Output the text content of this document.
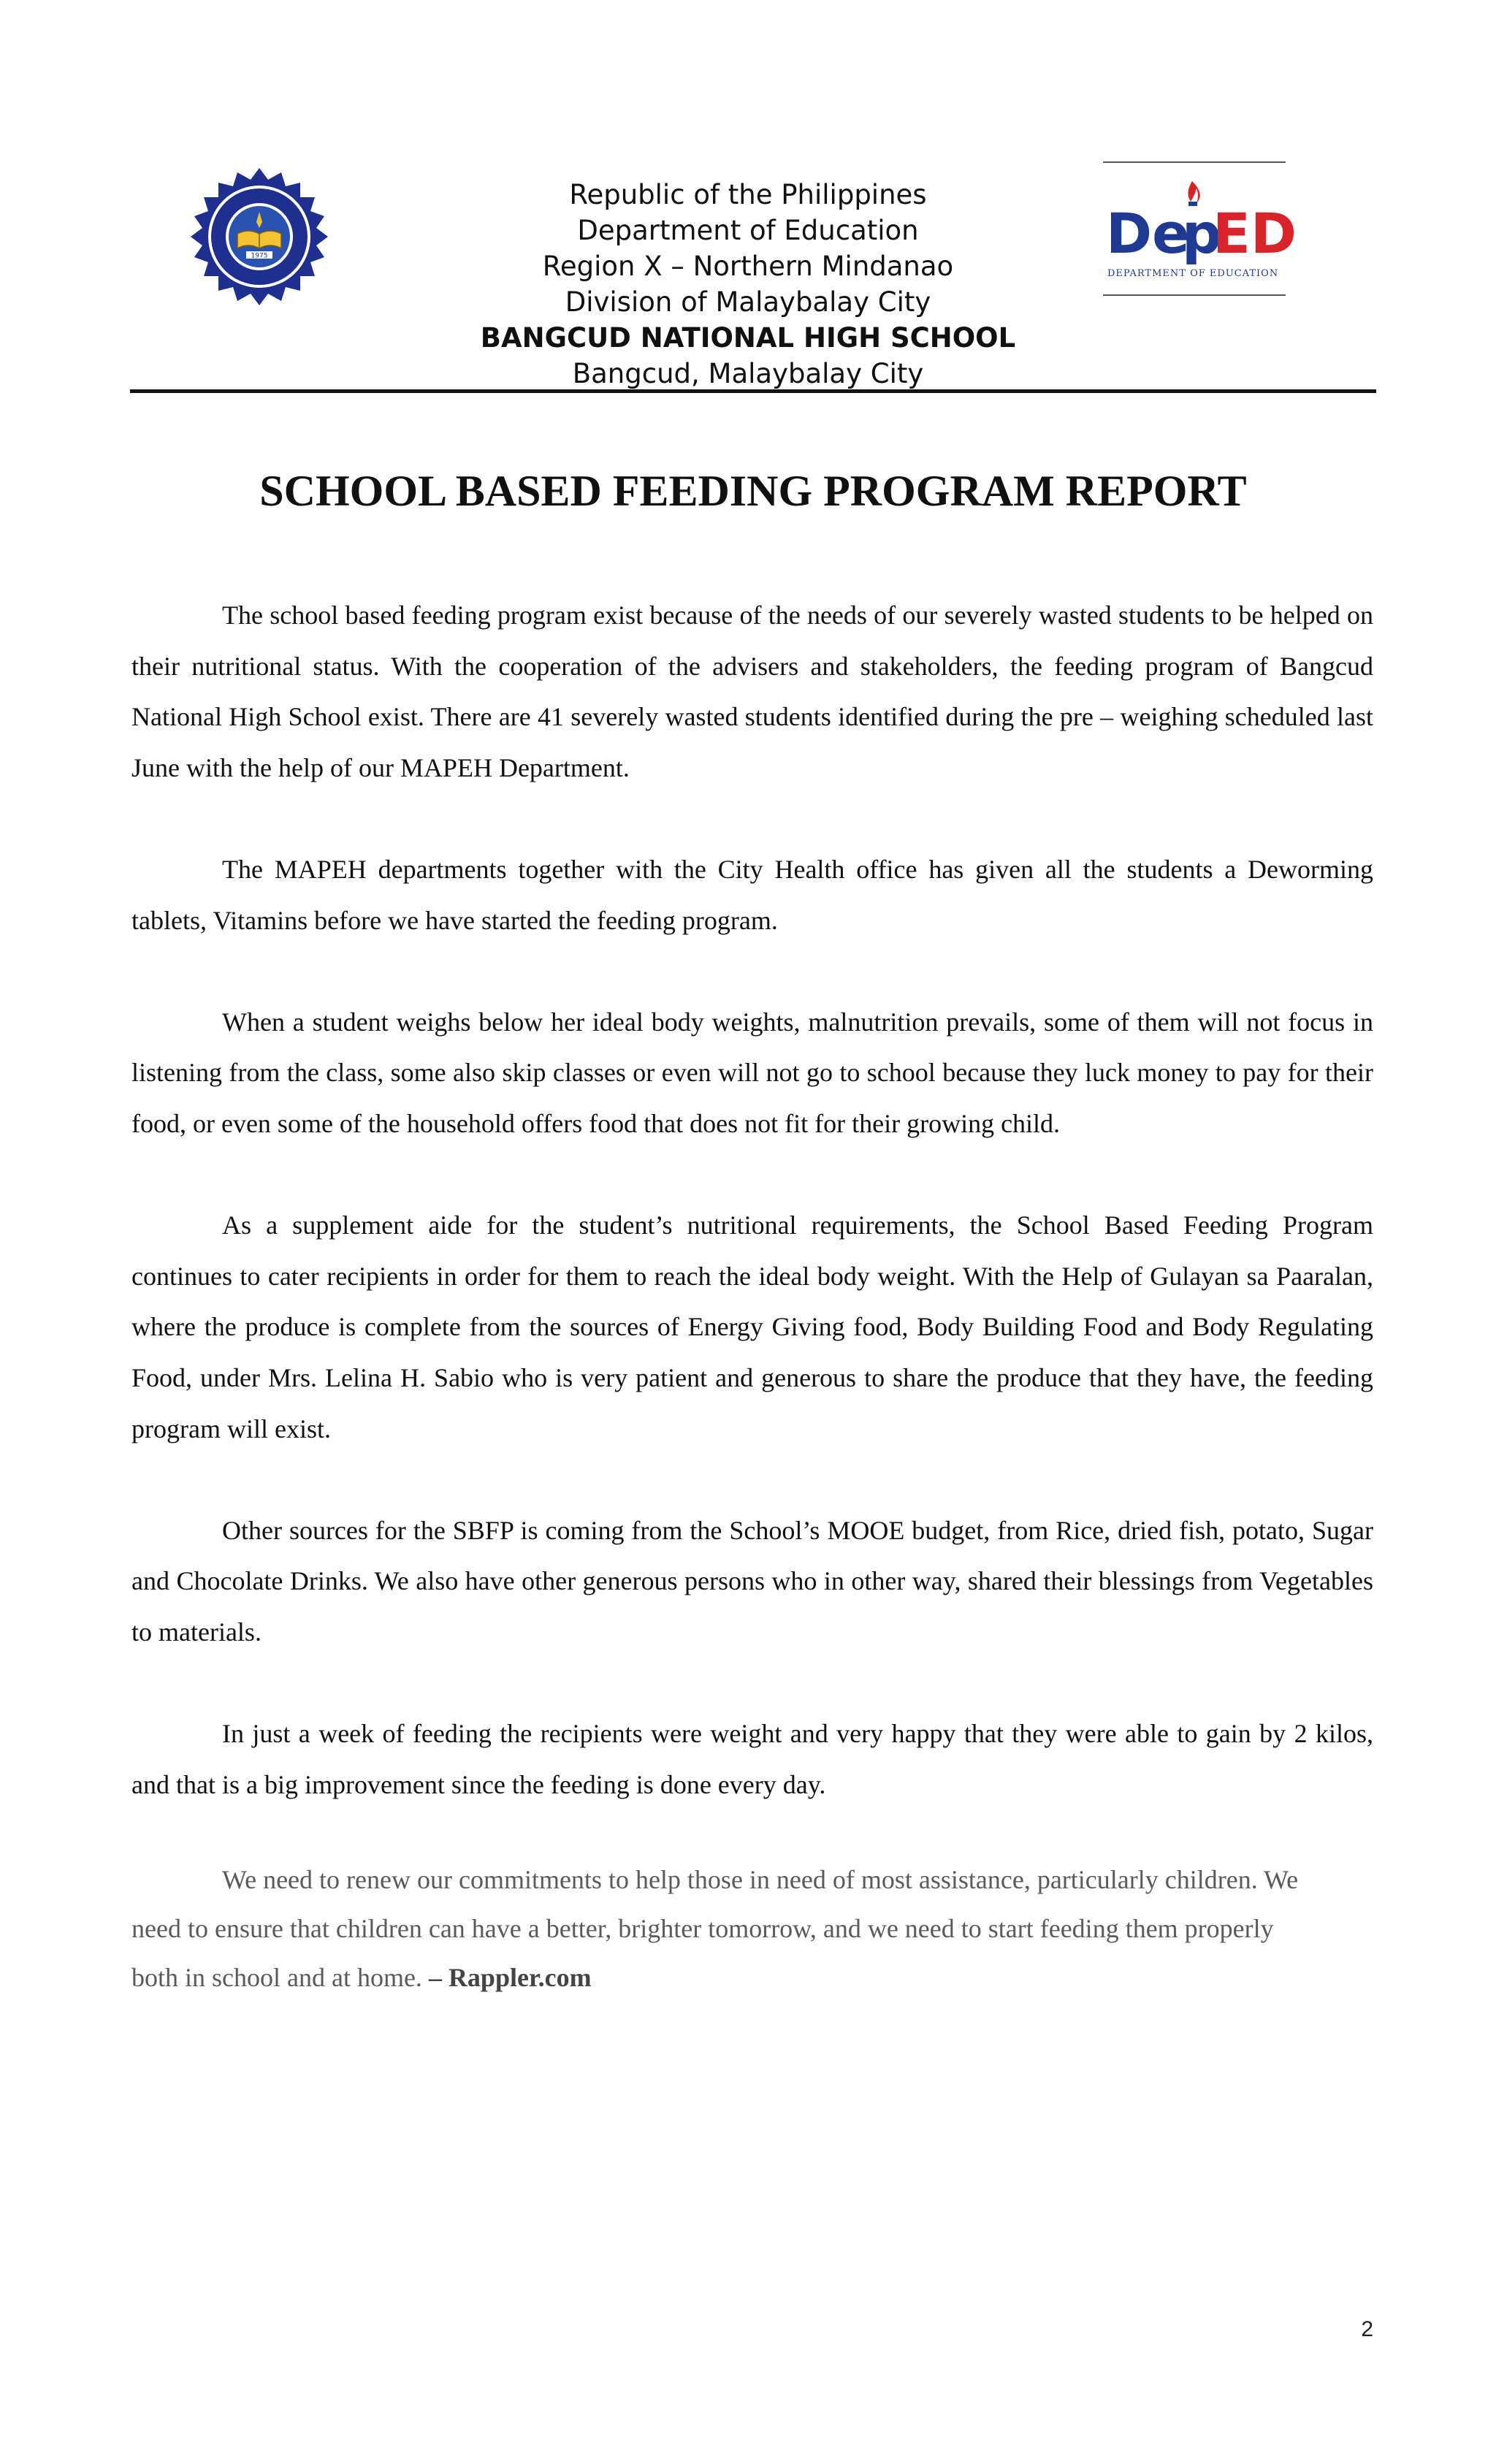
1975
Republic of the Philippines
Department of Education
Region X – Northern Mindanao
Division of Malaybalay City
BANGCUD NATIONAL HIGH SCHOOL
Bangcud, Malaybalay City
De
p
ED
DEPARTMENT OF EDUCATION
SCHOOL BASED FEEDING PROGRAM REPORT

The school based feeding program exist because of the needs of our severely wasted students to be helped on their nutritional status. With the cooperation of the advisers and stakeholders, the feeding program of Bangcud National High School exist. There are 41 severely wasted students identified during the pre – weighing scheduled last June with the help of our MAPEH Department.

The MAPEH departments together with the City Health office has given all the students a Deworming tablets, Vitamins before we have started the feeding program.

When a student weighs below her ideal body weights, malnutrition prevails, some of them will not focus in listening from the class, some also skip classes or even will not go to school because they luck money to pay for their food, or even some of the household offers food that does not fit for their growing child.

As a supplement aide for the student’s nutritional requirements, the School Based Feeding Program continues to cater recipients in order for them to reach the ideal body weight. With the Help of Gulayan sa Paaralan, where the produce is complete from the sources of Energy Giving food, Body Building Food and Body Regulating Food, under Mrs. Lelina H. Sabio who is very patient and generous to share the produce that they have, the feeding program will exist.

Other sources for the SBFP is coming from the School’s MOOE budget, from Rice, dried fish, potato, Sugar and Chocolate Drinks. We also have other generous persons who in other way, shared their blessings from Vegetables to materials.

In just a week of feeding the recipients were weight and very happy that they were able to gain by 2 kilos, and that is a big improvement since the feeding is done every day.

We need to renew our commitments to help those in need of most assistance, particularly children. We need to ensure that children can have a better, brighter tomorrow, and we need to start feeding them properly both in school and at home. – Rappler.com

2
